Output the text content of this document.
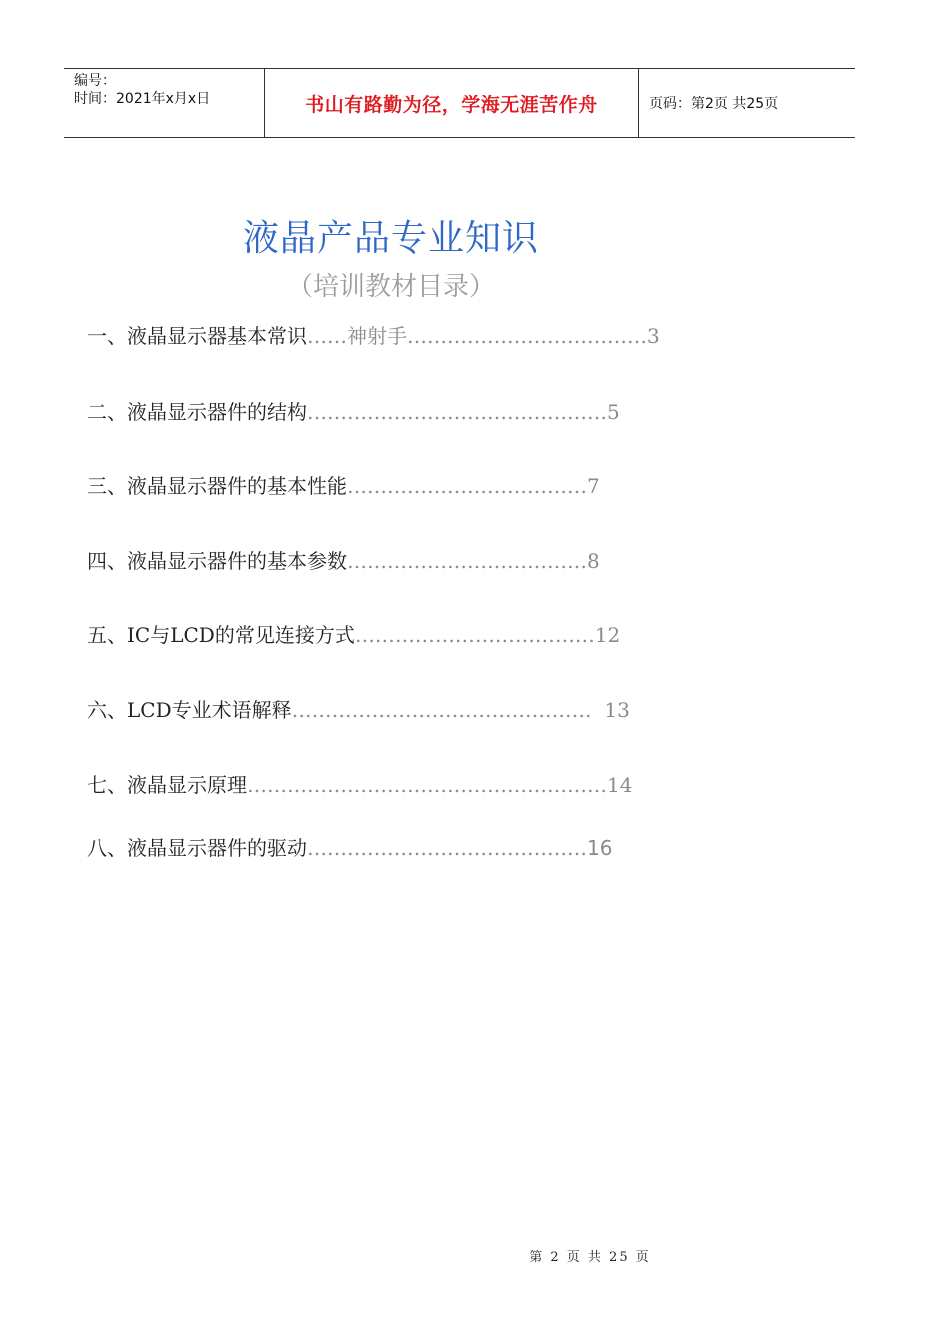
编号：
时间：2021年x月x日	书山有路勤为径，学海无涯苦作舟	页码：第2页 共25页
液晶产品专业知识
（培训教材目录）
一、液晶显示器基本常识……神射手………………………………3
二、液晶显示器件的结构………………………………………5
三、液晶显示器件的基本性能………………………………7
四、液晶显示器件的基本参数………………………………8
五、IC与LCD的常见连接方式………………………………12
六、LCD专业术语解释………………………………………  13
七、液晶显示原理………………………………………………14
八、液晶显示器件的驱动……………………………………16
第 2 页 共 25 页
